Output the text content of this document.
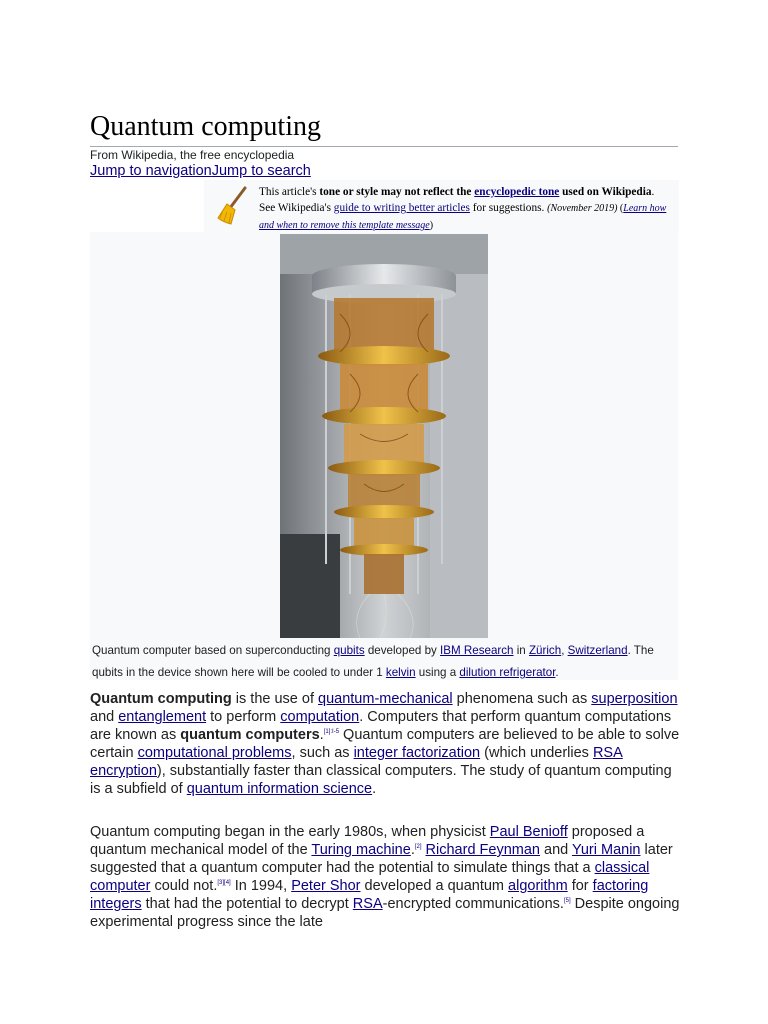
Quantum computing
From Wikipedia, the free encyclopedia
Jump to navigationJump to search
This article's tone or style may not reflect the encyclopedic tone used on Wikipedia. See Wikipedia's guide to writing better articles for suggestions. (November 2019) (Learn how and when to remove this template message)
Quantum computer based on superconducting qubits developed by IBM Research in Zürich, Switzerland. The qubits in the device shown here will be cooled to under 1 kelvin using a dilution refrigerator.
Quantum computing is the use of quantum-mechanical phenomena such as superposition and entanglement to perform computation. Computers that perform quantum computations are known as quantum computers.$^{[1]:I-5}$ Quantum computers are believed to be able to solve certain computational problems, such as integer factorization (which underlies RSA encryption), substantially faster than classical computers. The study of quantum computing is a subfield of quantum information science.
Quantum computing began in the early 1980s, when physicist Paul Benioff proposed a quantum mechanical model of the Turing machine.[2] Richard Feynman and Yuri Manin later suggested that a quantum computer had the potential to simulate things that a classical computer could not.[3][4] In 1994, Peter Shor developed a quantum algorithm for factoring integers that had the potential to decrypt RSA-encrypted communications.[5] Despite ongoing experimental progress since the late
